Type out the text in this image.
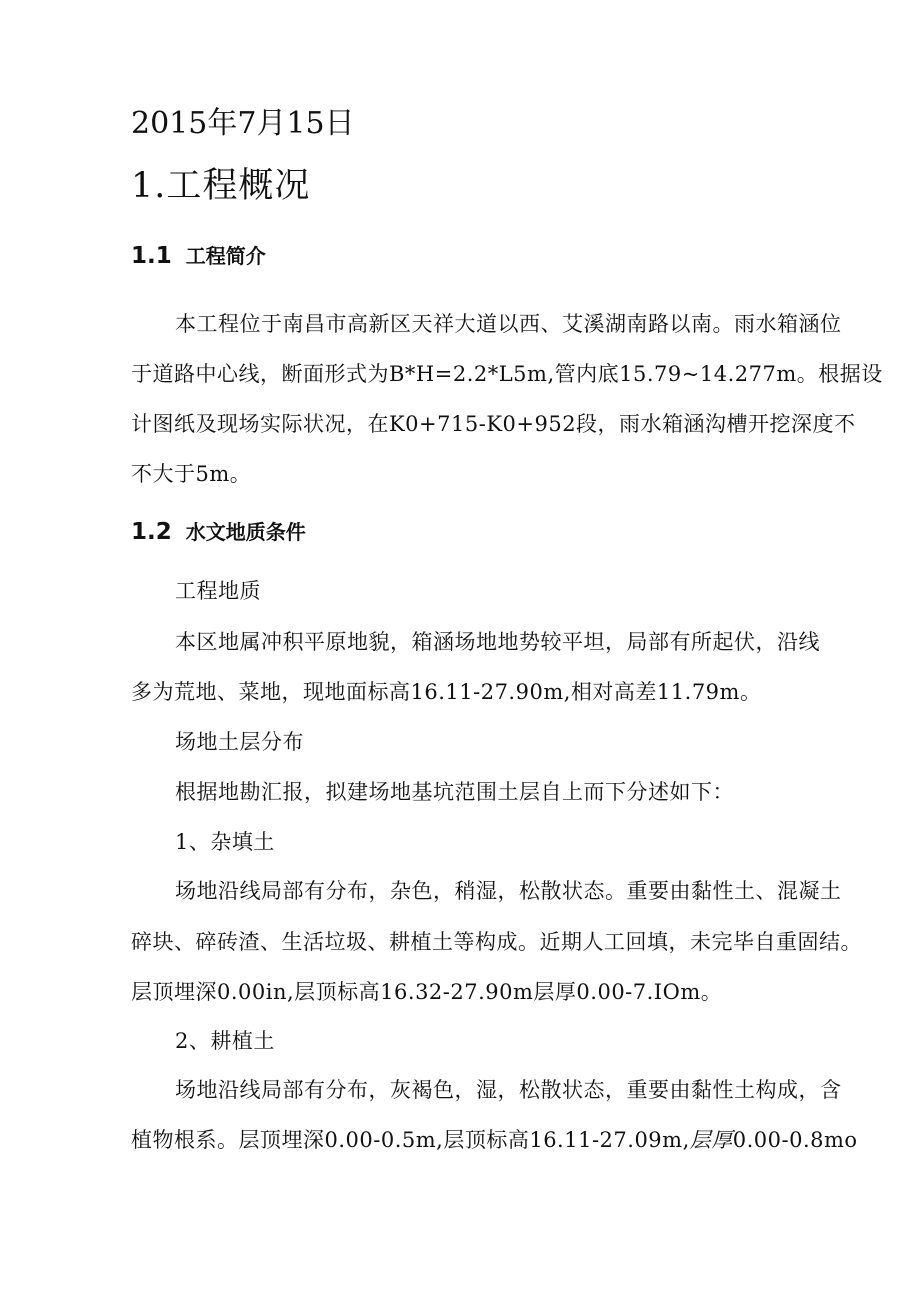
2015年7月15日
1.工程概况
1.1 工程简介
本工程位于南昌市高新区天祥大道以西、艾溪湖南路以南。雨水箱涵位
于道路中心线，断面形式为B*H=2.2*L5m,管内底15.79~14.277m。根据设
计图纸及现场实际状况，在K0+715-K0+952段，雨水箱涵沟槽开挖深度不
不大于5m。
1.2 水文地质条件
工程地质
本区地属冲积平原地貌，箱涵场地地势较平坦，局部有所起伏，沿线
多为荒地、菜地，现地面标高16.11-27.90m,相对高差11.79m。
场地土层分布
根据地勘汇报，拟建场地基坑范围土层自上而下分述如下：
1、杂填土
场地沿线局部有分布，杂色，稍湿，松散状态。重要由黏性土、混凝土
碎块、碎砖渣、生活垃圾、耕植土等构成。近期人工回填，未完毕自重固结。
层顶埋深0.00in,层顶标高16.32-27.90m层厚0.00-7.IOm。
2、耕植土
场地沿线局部有分布，灰褐色，湿，松散状态，重要由黏性土构成，含
植物根系。层顶埋深0.00-0.5m,层顶标高16.11-27.09m,层厚0.00-0.8mo
